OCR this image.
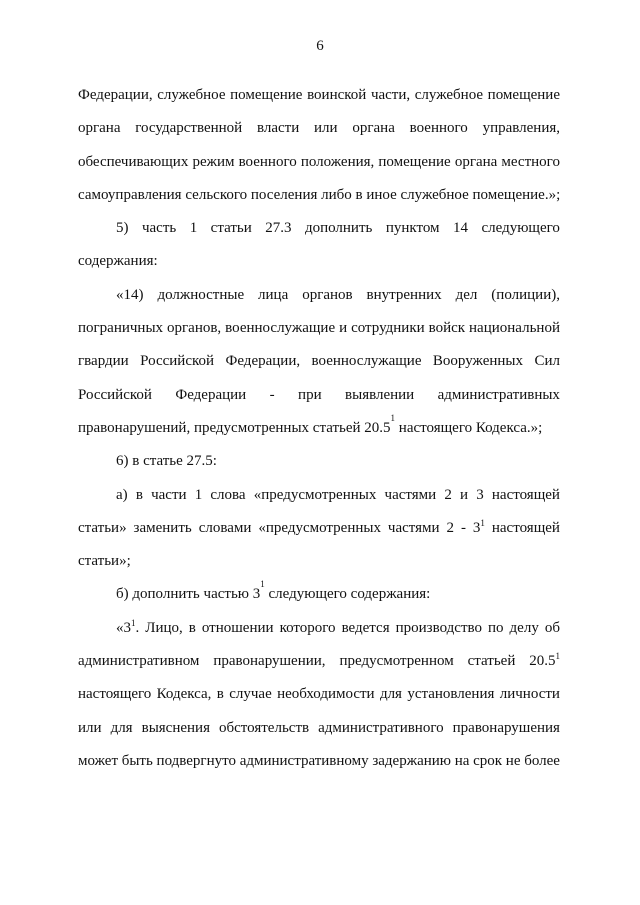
6
Федерации, служебное помещение воинской части, служебное помещение
органа государственной власти или органа военного управления,
обеспечивающих режим военного положения, помещение органа местного
самоуправления сельского поселения либо в иное служебное помещение.»;
5) часть 1 статьи 27.3 дополнить пунктом 14 следующего
содержания:
«14) должностные лица органов внутренних дел (полиции),
пограничных органов, военнослужащие и сотрудники войск национальной
гвардии Российской Федерации, военнослужащие Вооруженных Сил
Российской Федерации - при выявлении административных
правонарушений, предусмотренных статьей 20.5
1
настоящего Кодекса.»;
6) в статье 27.5:
а) в части 1 слова «предусмотренных частями 2 и 3 настоящей
статьи» заменить словами «предусмотренных частями $2 - 3^1$ настоящей
статьи»;
б) дополнить частью 3
1
следующего содержания:
«$3^1$. Лицо, в отношении которого ведется производство по делу об
административном правонарушении, предусмотренном статьей 20.5$^1$
настоящего Кодекса, в случае необходимости для установления личности
или для выяснения обстоятельств административного правонарушения
может быть подвергнуто административному задержанию на срок не более
